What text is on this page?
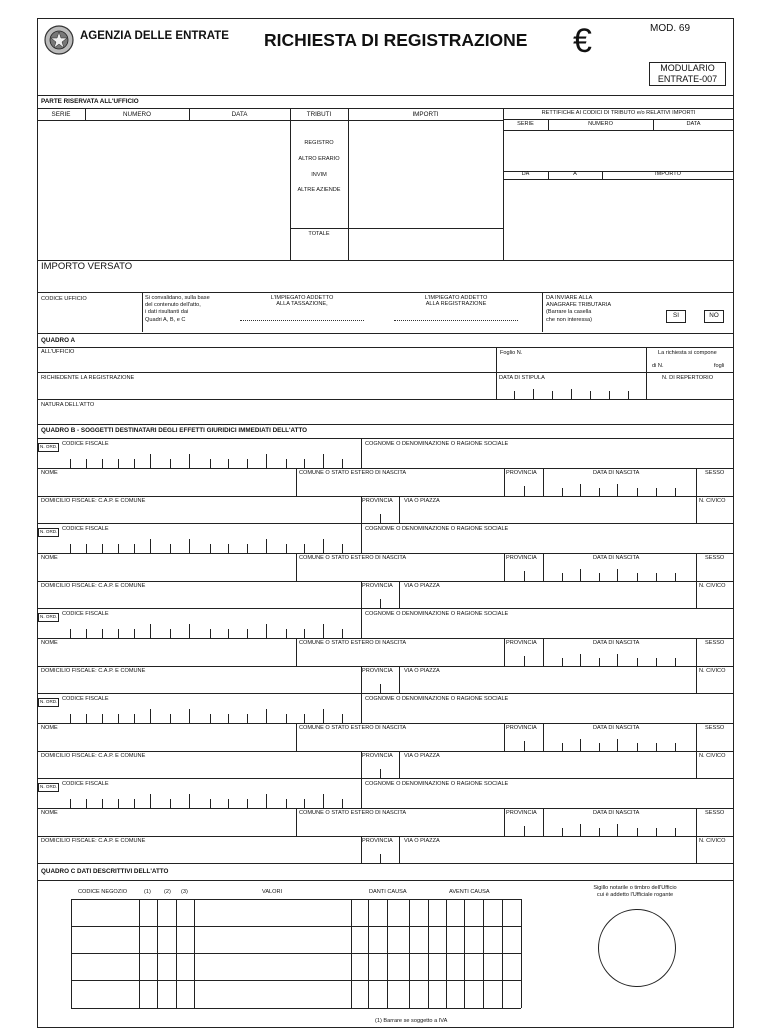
AGENZIA DELLE ENTRATE RICHIESTA DI REGISTRAZIONE €	MOD. 69
MODULARIO
ENTRATE-007
PARTE RISERVATA ALL'UFFICIO
SERIE	NUMERO	DATA	TRIBUTI	IMPORTI	RETTIFICHE AI CODICI DI TRIBUTO e/o RELATIVI IMPORTI
SERIE	NUMERO	DATA
REGISTRO
ALTRO ERARIO
INVIM
ALTRE AZIENDE
DA	A	IMPORTO
TOTALE
IMPORTO VERSATO
CODICE UFFICIO	Si convalidano, sulla base
del contenuto dell'atto,
i dati risultanti dai
Quadri A, B, e C
L'IMPIEGATO ADDETTO
ALLA TASSAZIONE,
L'IMPIEGATO ADDETTO
ALLA REGISTRAZIONE
DA INVIARE ALLA
ANAGRAFE TRIBUTARIA
(Barrare la casella
che non interessa)
SI	NO
QUADRO A
ALL'UFFICIO	Foglio N.	La richiesta si compone
di N.	fogli
RICHIEDENTE LA REGISTRAZIONE	DATA DI STIPULA	N. DI REPERTORIO
NATURA DELL'ATTO
QUADRO B - SOGGETTI DESTINATARI DEGLI EFFETTI GIURIDICI IMMEDIATI DELL'ATTO
N. ORD. CODICE FISCALE	COGNOME O DENOMINAZIONE O RAGIONE SOCIALE
NOME	COMUNE O STATO ESTERO DI NASCITA	PROVINCIA	DATA DI NASCITA	SESSO
DOMICILIO FISCALE: C.A.P. E COMUNE	PROVINCIA VIA O PIAZZA	N. CIVICO
N. ORD. CODICE FISCALE	COGNOME O DENOMINAZIONE O RAGIONE SOCIALE
NOME	COMUNE O STATO ESTERO DI NASCITA	PROVINCIA	DATA DI NASCITA	SESSO
DOMICILIO FISCALE: C.A.P. E COMUNE	PROVINCIA VIA O PIAZZA	N. CIVICO
N. ORD. CODICE FISCALE	COGNOME O DENOMINAZIONE O RAGIONE SOCIALE
NOME	COMUNE O STATO ESTERO DI NASCITA	PROVINCIA	DATA DI NASCITA	SESSO
DOMICILIO FISCALE: C.A.P. E COMUNE	PROVINCIA VIA O PIAZZA	N. CIVICO
N. ORD. CODICE FISCALE	COGNOME O DENOMINAZIONE O RAGIONE SOCIALE
NOME	COMUNE O STATO ESTERO DI NASCITA	PROVINCIA	DATA DI NASCITA	SESSO
DOMICILIO FISCALE: C.A.P. E COMUNE	PROVINCIA VIA O PIAZZA	N. CIVICO
N. ORD. CODICE FISCALE	COGNOME O DENOMINAZIONE O RAGIONE SOCIALE
NOME	COMUNE O STATO ESTERO DI NASCITA	PROVINCIA	DATA DI NASCITA	SESSO
DOMICILIO FISCALE: C.A.P. E COMUNE	PROVINCIA VIA O PIAZZA	N. CIVICO
QUADRO C DATI DESCRITTIVI DELL'ATTO
CODICE NEGOZIO	(1) (2) (3)	VALORI	DANTI CAUSA	AVENTI CAUSA
Sigillo notarile o timbro dell'Ufficio
cui è addetto l'Ufficiale rogante
(1) Barrare se soggetto a IVA
